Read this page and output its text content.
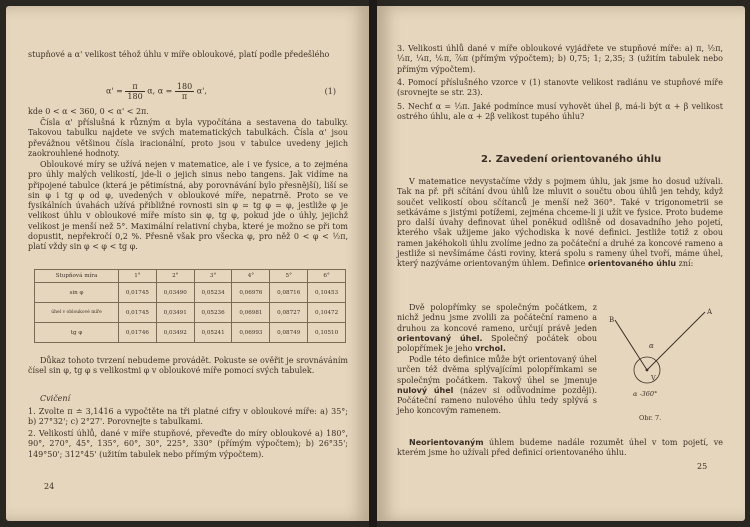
stupňové a α' velikost téhož úhlu v míře obloukové, platí podle předešlého

$\alpha' = \frac{\pi}{180} \alpha$, $\alpha = \frac{180}{\pi} \alpha'$,	(1)

kde 0 < α < 360, 0 < α' < 2π.

Čísla α' příslušná k různým α byla vypočítána a sestavena do tabulky. Takovou tabulku najdete ve svých matematických tabulkách. Čísla α' jsou převážnou většinou čísla iracionální, proto jsou v tabulce uvedeny jejich zaokrouhlené hodnoty.

Obloukové míry se užívá nejen v matematice, ale i ve fysice, a to zejména pro úhly malých velikostí, jde-li o jejich sinus nebo tangens. Jak vidíme na připojené tabulce (která je pětimístná, aby porovnávání bylo přesnější), liší se sin φ i tg φ od φ, uvedených v obloukové míře, nepatrně. Proto se ve fysikálních úvahách užívá přibližné rovnosti sin φ = tg φ = φ, jestliže φ je velikost úhlu v obloukové míře místo sin φ, tg φ, pokud jde o úhly, jejichž velikost je menší než 5°. Maximální relativní chyba, které je možno se při tom dopustit, nepřekročí 0,2 %. Přesně však pro všecka φ, pro něž 0 < φ < ½π, platí vždy sin φ < φ < tg φ.

Stupňová míra	1°	2°	3°	4°	5°	6°
sin φ	0,01745	0,03490	0,05234	0,06976	0,08716	0,10453
úhel v obloukové míře	0,01745	0,03491	0,05236	0,06981	0,08727	0,10472
tg φ	0,01746	0,03492	0,05241	0,06993	0,08749	0,10510

Důkaz tohoto tvrzení nebudeme provádět. Pokuste se ověřit je srovnáváním čísel sin φ, tg φ s velikostmi φ v obloukové míře pomocí svých tabulek.

Cvičení

1. Zvolte π ≐ 3,1416 a vypočtěte na tři platné cifry v obloukové míře: a) 35°; b) 27°32'; c) 2°27'. Porovnejte s tabulkami.

2. Velikostí úhlů, dané v míře stupňové, převeďte do míry obloukové a) 180°, 90°, 270°, 45°, 135°, 60°, 30°, 225°, 330° (přímým výpočtem); b) 26°35'; 149°50'; 312°45' (užitím tabulek nebo přímým výpočtem).

24

3. Velikosti úhlů dané v míře obloukové vyjádřete ve stupňové míře: a) π, ½π, ⅓π, ¼π, ⅙π, ⅞π (přímým výpočtem); b) 0,75; 1; 2,35; 3 (užitím tabulek nebo přímým výpočtem).

4. Pomocí příslušného vzorce v (1) stanovte velikost radiánu ve stupňové míře (srovnejte se str. 23).

5. Nechť α = ⅓π. Jaké podmínce musí vyhovět úhel β, má-li být α + β velikost ostrého úhlu, ale α + 2β velikost tupého úhlu?

2. Zavedení orientovaného úhlu

V matematice nevystačíme vždy s pojmem úhlu, jak jsme ho dosud užívali. Tak na př. při sčítání dvou úhlů lze mluvit o součtu obou úhlů jen tehdy, když součet velikostí obou sčítanců je menší než 360°. Také v trigonometrii se setkáváme s jistými potížemi, zejména chceme-li ji užít ve fysice. Proto budeme pro další úvahy definovat úhel poněkud odlišně od dosavadního jeho pojetí, kterého však užijeme jako východiska k nové definici. Jestliže totiž z obou ramen jakéhokoli úhlu zvolíme jedno za počáteční a druhé za koncové rameno a jestliže si nevšímáme části roviny, která spolu s rameny úhel tvoří, máme úhel, který nazýváme orientovaným úhlem. Definice orientovaného úhlu zní:

Dvě polopřímky se společným počátkem, z nichž jednu jsme zvolili za počáteční rameno a druhou za koncové rameno, určují právě jeden orientovaný úhel. Společný počátek obou polopřímek je jeho vrchol.

Podle této definice může být orientovaný úhel určen též dvěma splývajícími polopřímkami se společným počátkem. Takový úhel se jmenuje nulový úhel (název si odůvodníme později). Počáteční rameno nulového úhlu tedy splývá s jeho koncovým ramenem.

Neorientovaným úhlem budeme nadále rozumět úhel v tom pojetí, ve kterém jsme ho užívali před definicí orientovaného úhlu.

B
A
α
V
α -360°
Obr. 7.
25
